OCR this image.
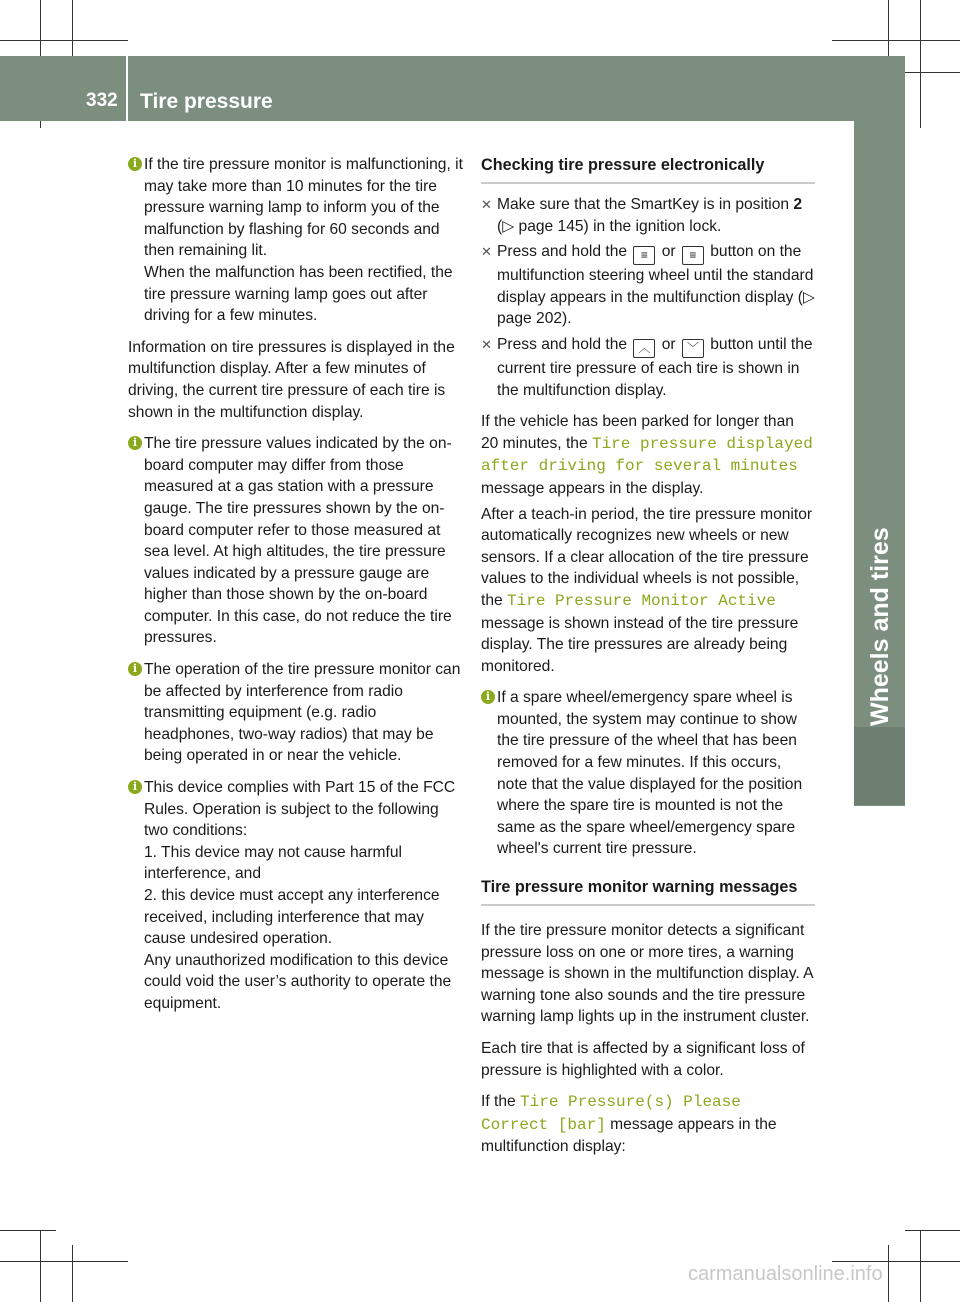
332 Tire pressure
i If the tire pressure monitor is malfunctioning, it may take more than 10 minutes for the tire pressure warning lamp to inform you of the malfunction by flashing for 60 seconds and then remaining lit.

When the malfunction has been rectified, the tire pressure warning lamp goes out after driving for a few minutes.

Information on tire pressures is displayed in the multifunction display. After a few minutes of driving, the current tire pressure of each tire is shown in the multifunction display.

i The tire pressure values indicated by the on-board computer may differ from those measured at a gas station with a pressure gauge. The tire pressures shown by the on-board computer refer to those measured at sea level. At high altitudes, the tire pressure values indicated by a pressure gauge are higher than those shown by the on-board computer. In this case, do not reduce the tire pressures.

i The operation of the tire pressure monitor can be affected by interference from radio transmitting equipment (e.g. radio headphones, two-way radios) that may be being operated in or near the vehicle.

i This device complies with Part 15 of the FCC Rules. Operation is subject to the following two conditions:

1. This device may not cause harmful interference, and

2. this device must accept any interference received, including interference that may cause undesired operation.

Any unauthorized modification to this device could void the user’s authority to operate the equipment.

Checking tire pressure electronically
✕ Make sure that the SmartKey is in position 2 (▷ page 145) in the ignition lock.
✕ Press and hold the ≡ or ≡ button on the multifunction steering wheel until the standard display appears in the multifunction display (▷ page 202).
✕ Press and hold the ︿ or ﹀ button until the current tire pressure of each tire is shown in the multifunction display.

If the vehicle has been parked for longer than 20 minutes, the Tire pressure displayed after driving for several minutes message appears in the display.

After a teach-in period, the tire pressure monitor automatically recognizes new wheels or new sensors. If a clear allocation of the tire pressure values to the individual wheels is not possible, the Tire Pressure Monitor Active message is shown instead of the tire pressure display. The tire pressures are already being monitored.

i If a spare wheel/emergency spare wheel is mounted, the system may continue to show the tire pressure of the wheel that has been removed for a few minutes. If this occurs, note that the value displayed for the position where the spare tire is mounted is not the same as the spare wheel/emergency spare wheel's current tire pressure.

Tire pressure monitor warning messages

If the tire pressure monitor detects a significant pressure loss on one or more tires, a warning message is shown in the multifunction display. A warning tone also sounds and the tire pressure warning lamp lights up in the instrument cluster.

Each tire that is affected by a significant loss of pressure is highlighted with a color.

If the Tire Pressure(s) Please Correct [bar] message appears in the multifunction display:

carmanualsonline.info
